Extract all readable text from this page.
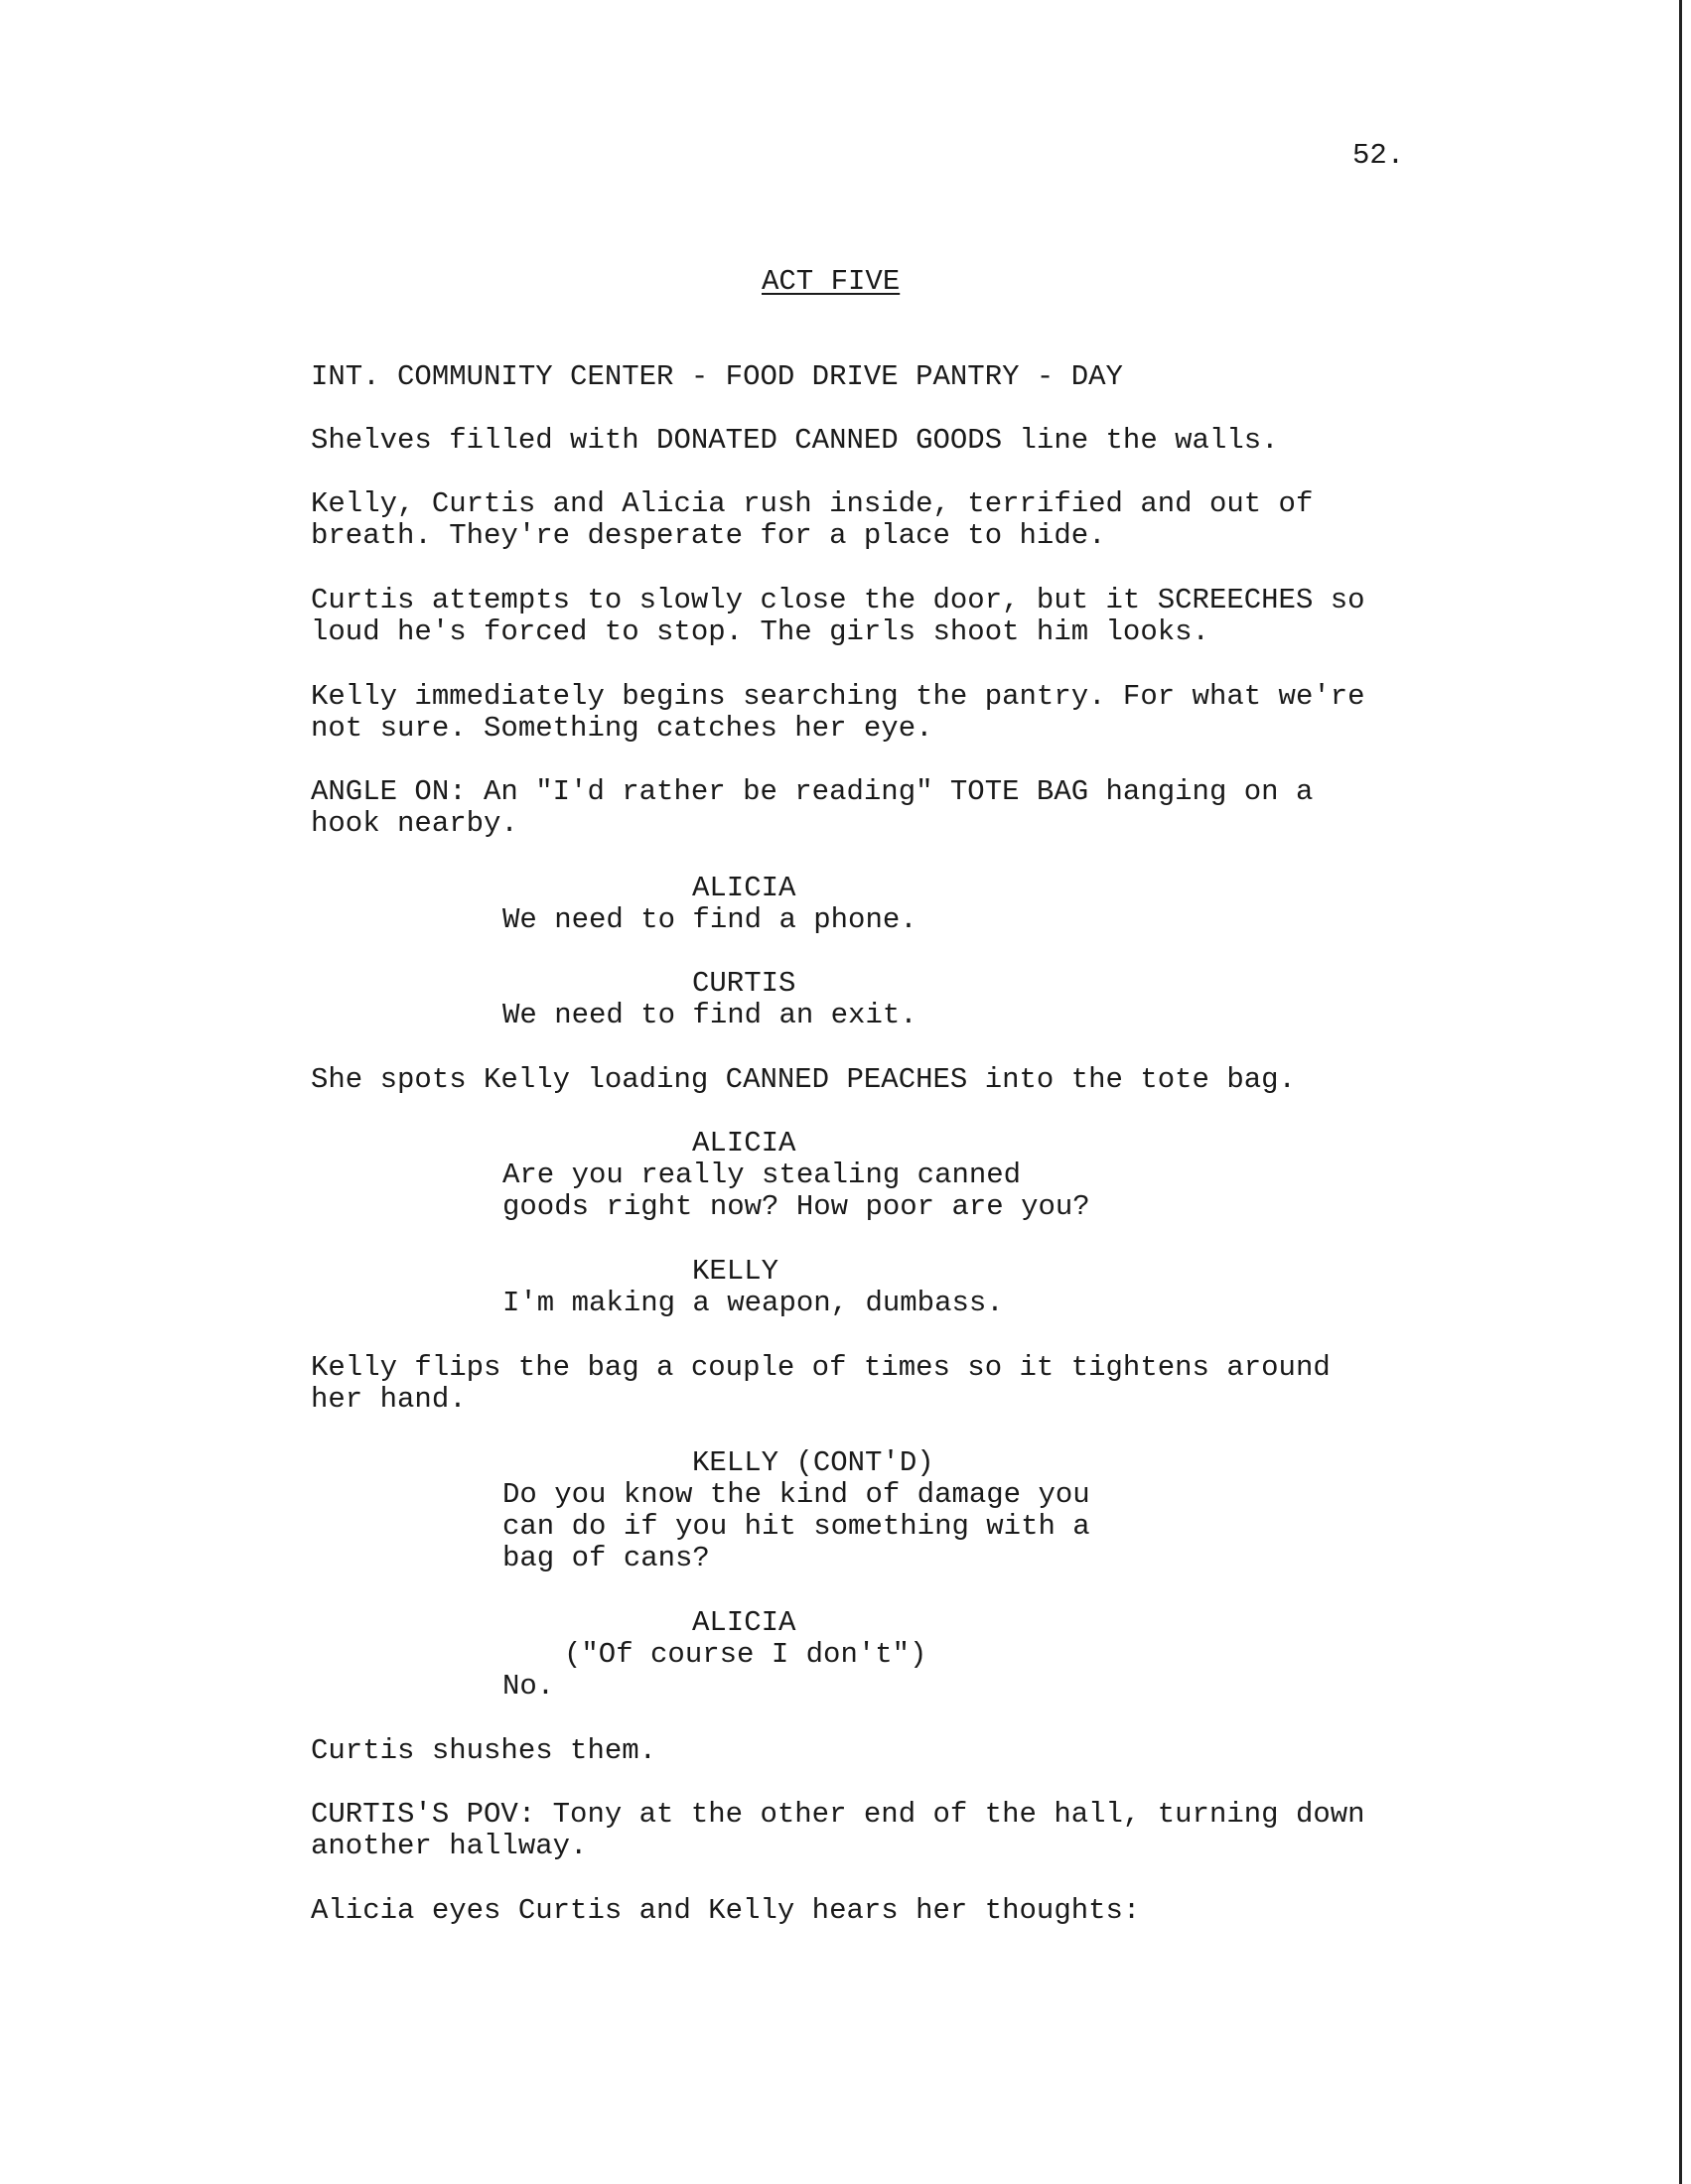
52.
ACT FIVE
INT. COMMUNITY CENTER - FOOD DRIVE PANTRY - DAY
Shelves filled with DONATED CANNED GOODS line the walls.
Kelly, Curtis and Alicia rush inside, terrified and out of
breath. They're desperate for a place to hide.
Curtis attempts to slowly close the door, but it SCREECHES so
loud he's forced to stop. The girls shoot him looks.
Kelly immediately begins searching the pantry. For what we're
not sure. Something catches her eye.
ANGLE ON: An "I'd rather be reading" TOTE BAG hanging on a
hook nearby.
ALICIA
We need to find a phone.
CURTIS
We need to find an exit.
She spots Kelly loading CANNED PEACHES into the tote bag.
ALICIA
Are you really stealing canned
goods right now? How poor are you?
KELLY
I'm making a weapon, dumbass.
Kelly flips the bag a couple of times so it tightens around
her hand.
KELLY (CONT'D)
Do you know the kind of damage you
can do if you hit something with a
bag of cans?
ALICIA
("Of course I don't")
No.
Curtis shushes them.
CURTIS'S POV: Tony at the other end of the hall, turning down
another hallway.
Alicia eyes Curtis and Kelly hears her thoughts:
